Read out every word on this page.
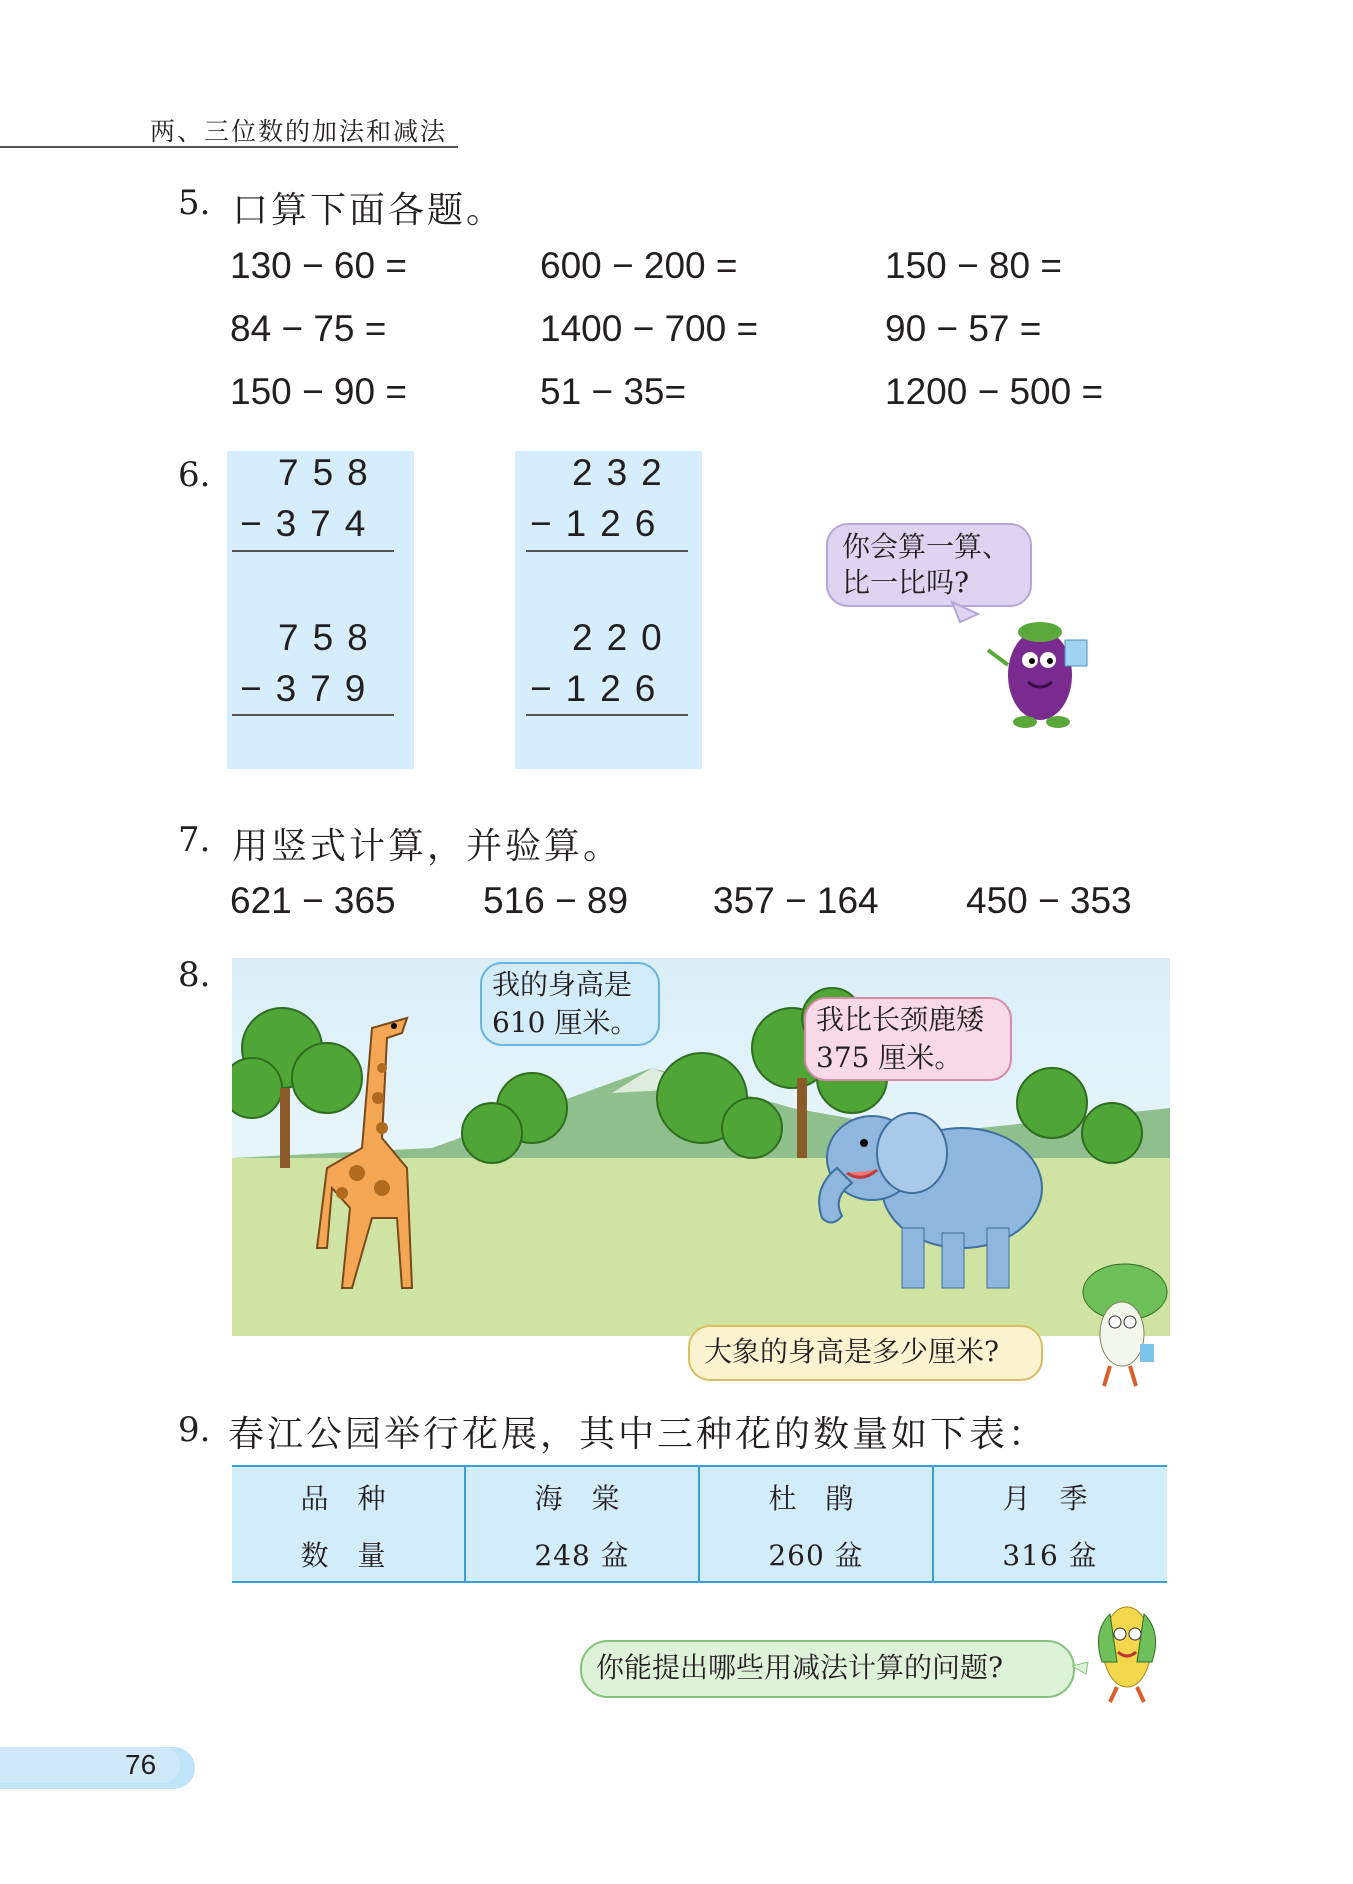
两、三位数的加法和减法
5. 口算下面各题。
130 − 60 =	600 − 200 =	150 − 80 =
84 − 75 =	1400 − 700 =	90 − 57 =
150 − 90 =	51 − 35=	1200 − 500 =
6. 758
−374
758
−379
232
−126
220
−126
你会算一算、
比一比吗?
7. 用竖式计算，并验算。
621 − 365 516 − 89 357 − 164 450 − 353
8.	我的身高是
610 厘米。	我比长颈鹿矮
375 厘米。
大象的身高是多少厘米?
9. 春江公园举行花展，其中三种花的数量如下表：
品 种	海 棠	杜 鹃	月 季
数 量	248 盆	260 盆	316 盆
你能提出哪些用减法计算的问题?
76
